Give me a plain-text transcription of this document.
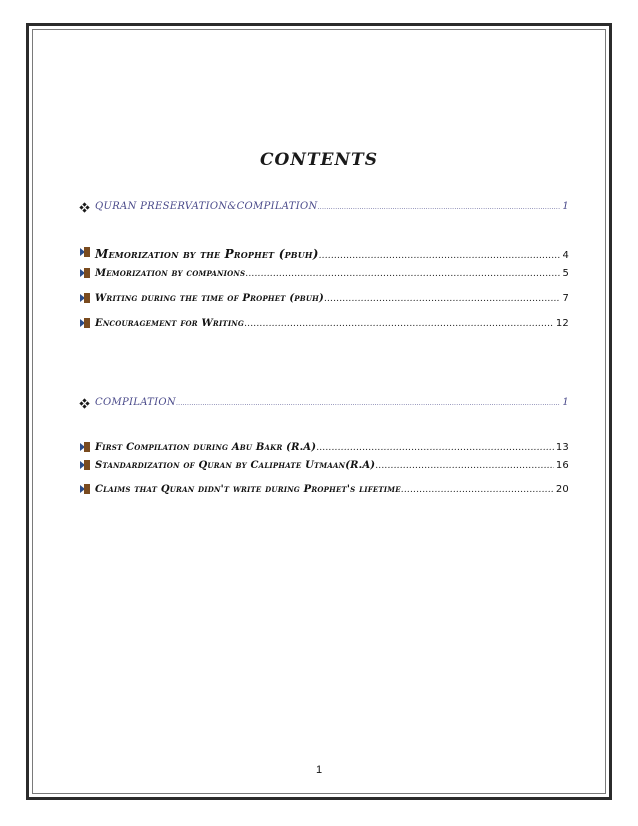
CONTENTS
QURAN PRESERVATION&COMPILATION .....	1
Memorization by the Prophet (pbuh) .....	4
Memorization by companions .....	5
Writing during the time of Prophet (pbuh) .....	7
Encouragement for Writing .....	12
COMPILATION .....	1
First Compilation during Abu Bakr (R.A) .....	13
Standardization of Quran by Caliphate Utmaan(R.A) .....	16
Claims that Quran didn't write during Prophet's lifetime .....	20
1
